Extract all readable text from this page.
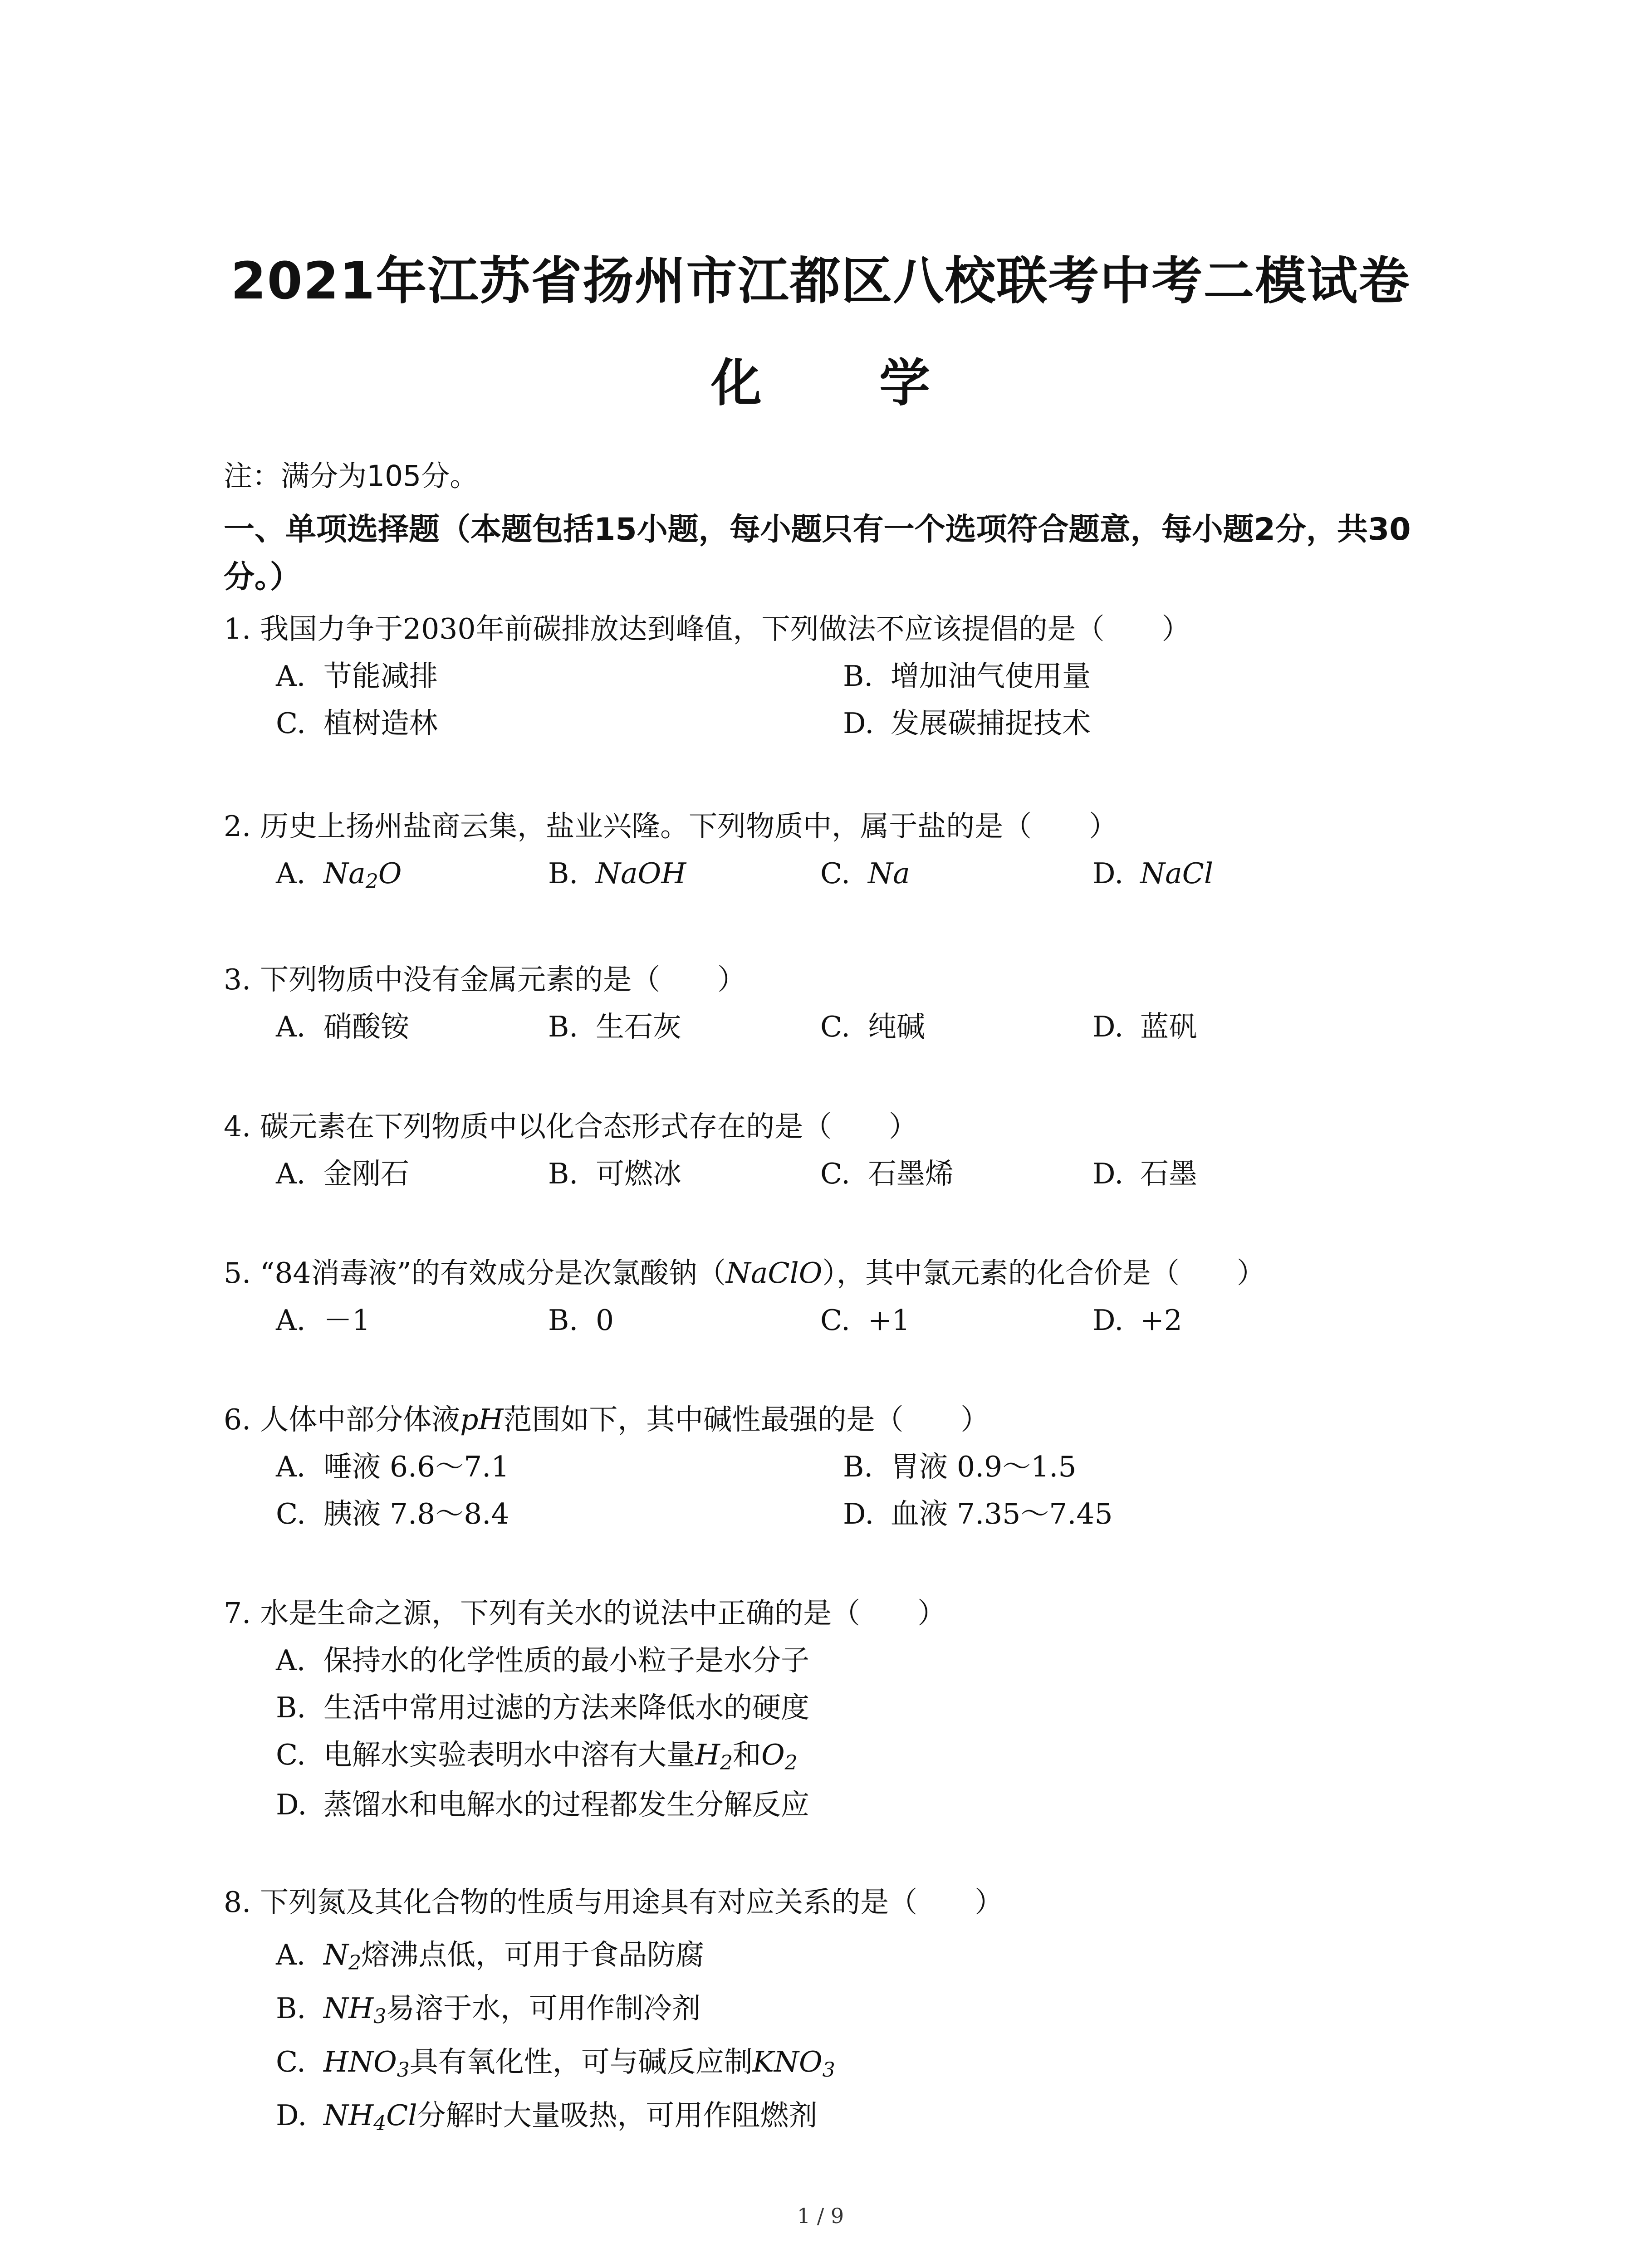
2021年江苏省扬州市江都区八校联考中考二模试卷
化 学
注：满分为105分。
一、单项选择题（本题包括15小题，每小题只有一个选项符合题意，每小题2分，共30
分。）
1. 我国力争于2030年前碳排放达到峰值，下列做法不应该提倡的是（　　）
A. 节能减排	B. 增加油气使用量
C. 植树造林	D. 发展碳捕捉技术
2. 历史上扬州盐商云集，盐业兴隆。下列物质中，属于盐的是（　　）
A. $Na_2O$	B. NaOH	C. Na	D. NaCl
3. 下列物质中没有金属元素的是（　　）
A. 硝酸铵	B. 生石灰	C. 纯碱	D. 蓝矾
4. 碳元素在下列物质中以化合态形式存在的是（　　）
A. 金刚石	B. 可燃冰	C. 石墨烯	D. 石墨
5. “84消毒液”的有效成分是次氯酸钠（NaClO），其中氯元素的化合价是（　　）
A. －1	B. 0	C. +1	D. +2
6. 人体中部分体液pH范围如下，其中碱性最强的是（　　）
A. 唾液 6.6～7.1	B. 胃液 0.9～1.5
C. 胰液 7.8～8.4	D. 血液 7.35～7.45
7. 水是生命之源，下列有关水的说法中正确的是（　　）
A. 保持水的化学性质的最小粒子是水分子
B. 生活中常用过滤的方法来降低水的硬度
C. 电解水实验表明水中溶有大量$H_2$和$O_2$
D. 蒸馏水和电解水的过程都发生分解反应
8. 下列氮及其化合物的性质与用途具有对应关系的是（　　）
A. $N_2$熔沸点低，可用于食品防腐
B. $NH_3$易溶于水，可用作制冷剂
C. $HNO_3$具有氧化性，可与碱反应制$KNO_3$
D. $NH_4Cl$分解时大量吸热，可用作阻燃剂
1 / 9
